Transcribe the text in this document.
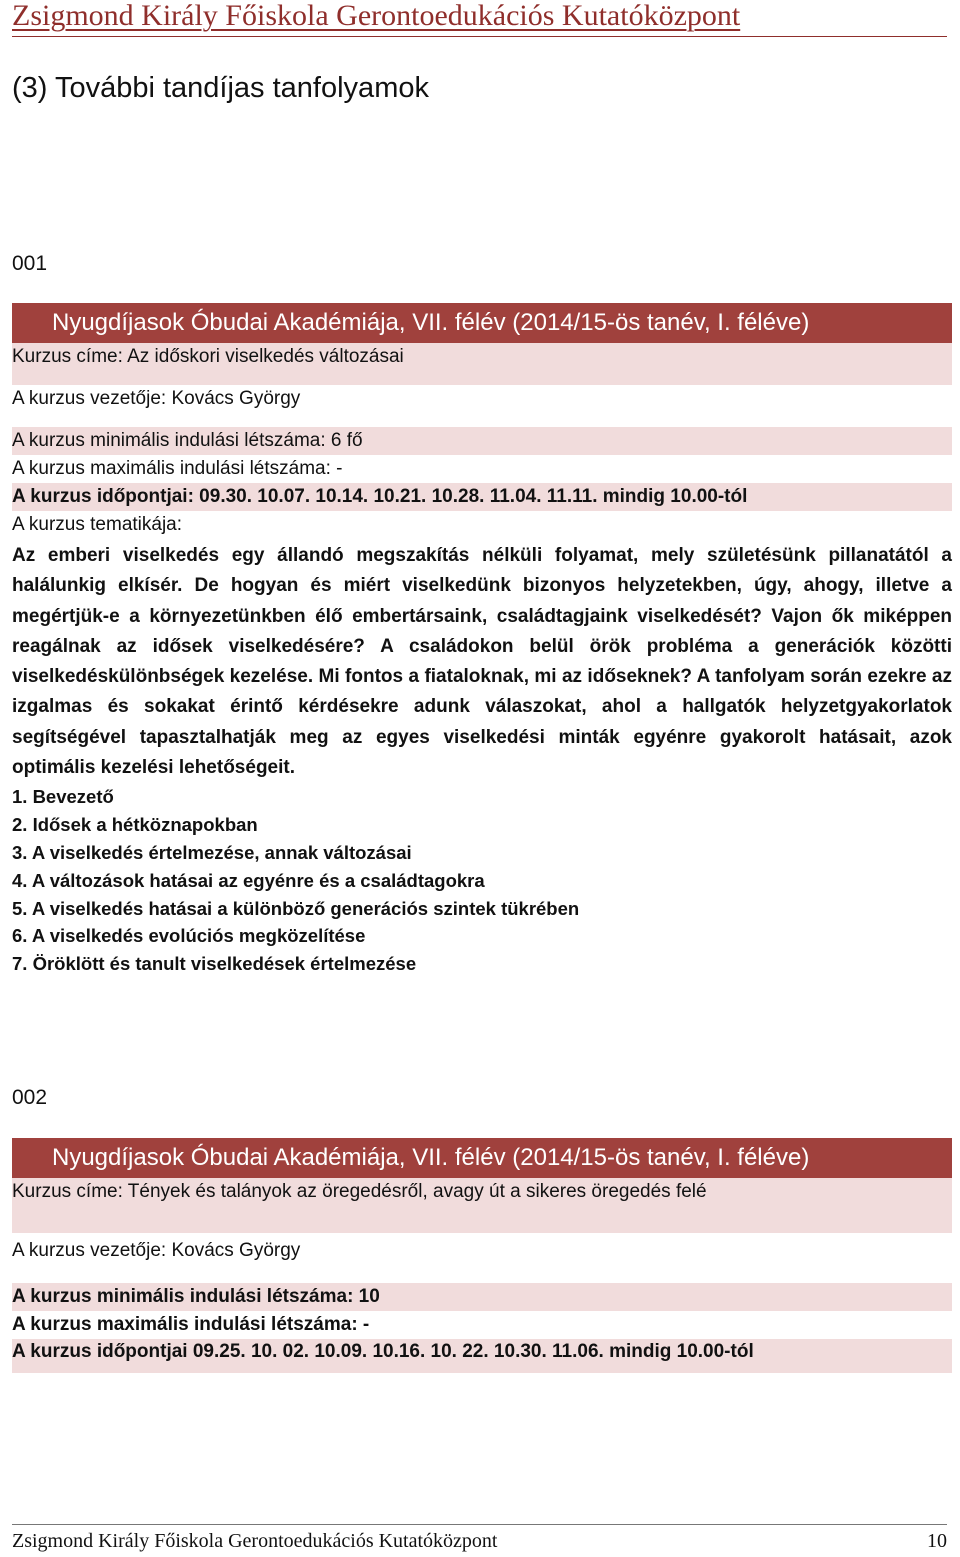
Zsigmond Király Főiskola Gerontoedukációs Kutatóközpont
(3) További tandíjas tanfolyamok
001
Nyugdíjasok Óbudai Akadémiája, VII. félév (2014/15-ös tanév, I. féléve)
Kurzus címe: Az időskori viselkedés változásai
A kurzus vezetője: Kovács György
A kurzus minimális indulási létszáma: 6 fő
A kurzus maximális indulási létszáma: -
A kurzus időpontjai: 09.30. 10.07. 10.14. 10.21. 10.28. 11.04. 11.11. mindig 10.00-tól
A kurzus tematikája:

Az emberi viselkedés egy állandó megszakítás nélküli folyamat, mely születésünk pillanatától a halálunkig elkísér. De hogyan és miért viselkedünk bizonyos helyzetekben, úgy, ahogy, illetve a megértjük-e a környezetünkben élő embertársaink, családtagjaink viselkedését? Vajon ők miképpen reagálnak az idősek viselkedésére? A családokon belül örök probléma a generációk közötti viselkedéskülönbségek kezelése. Mi fontos a fiataloknak, mi az időseknek? A tanfolyam során ezekre az izgalmas és sokakat érintő kérdésekre adunk válaszokat, ahol a hallgatók helyzetgyakorlatok segítségével tapasztalhatják meg az egyes viselkedési minták egyénre gyakorolt hatásait, azok optimális kezelési lehetőségeit.

1. Bevezető
2. Idősek a hétköznapokban
3. A viselkedés értelmezése, annak változásai
4. A változások hatásai az egyénre és a családtagokra
5. A viselkedés hatásai a különböző generációs szintek tükrében
6. A viselkedés evolúciós megközelítése
7. Öröklött és tanult viselkedések értelmezése
002
Nyugdíjasok Óbudai Akadémiája, VII. félév (2014/15-ös tanév, I. féléve)
Kurzus címe: Tények és talányok az öregedésről, avagy út a sikeres öregedés felé
A kurzus vezetője: Kovács György
A kurzus minimális indulási létszáma: 10
A kurzus maximális indulási létszáma: -
A kurzus időpontjai 09.25. 10. 02. 10.09. 10.16. 10. 22. 10.30. 11.06. mindig 10.00-tól
Zsigmond Király Főiskola Gerontoedukációs Kutatóközpont	10
